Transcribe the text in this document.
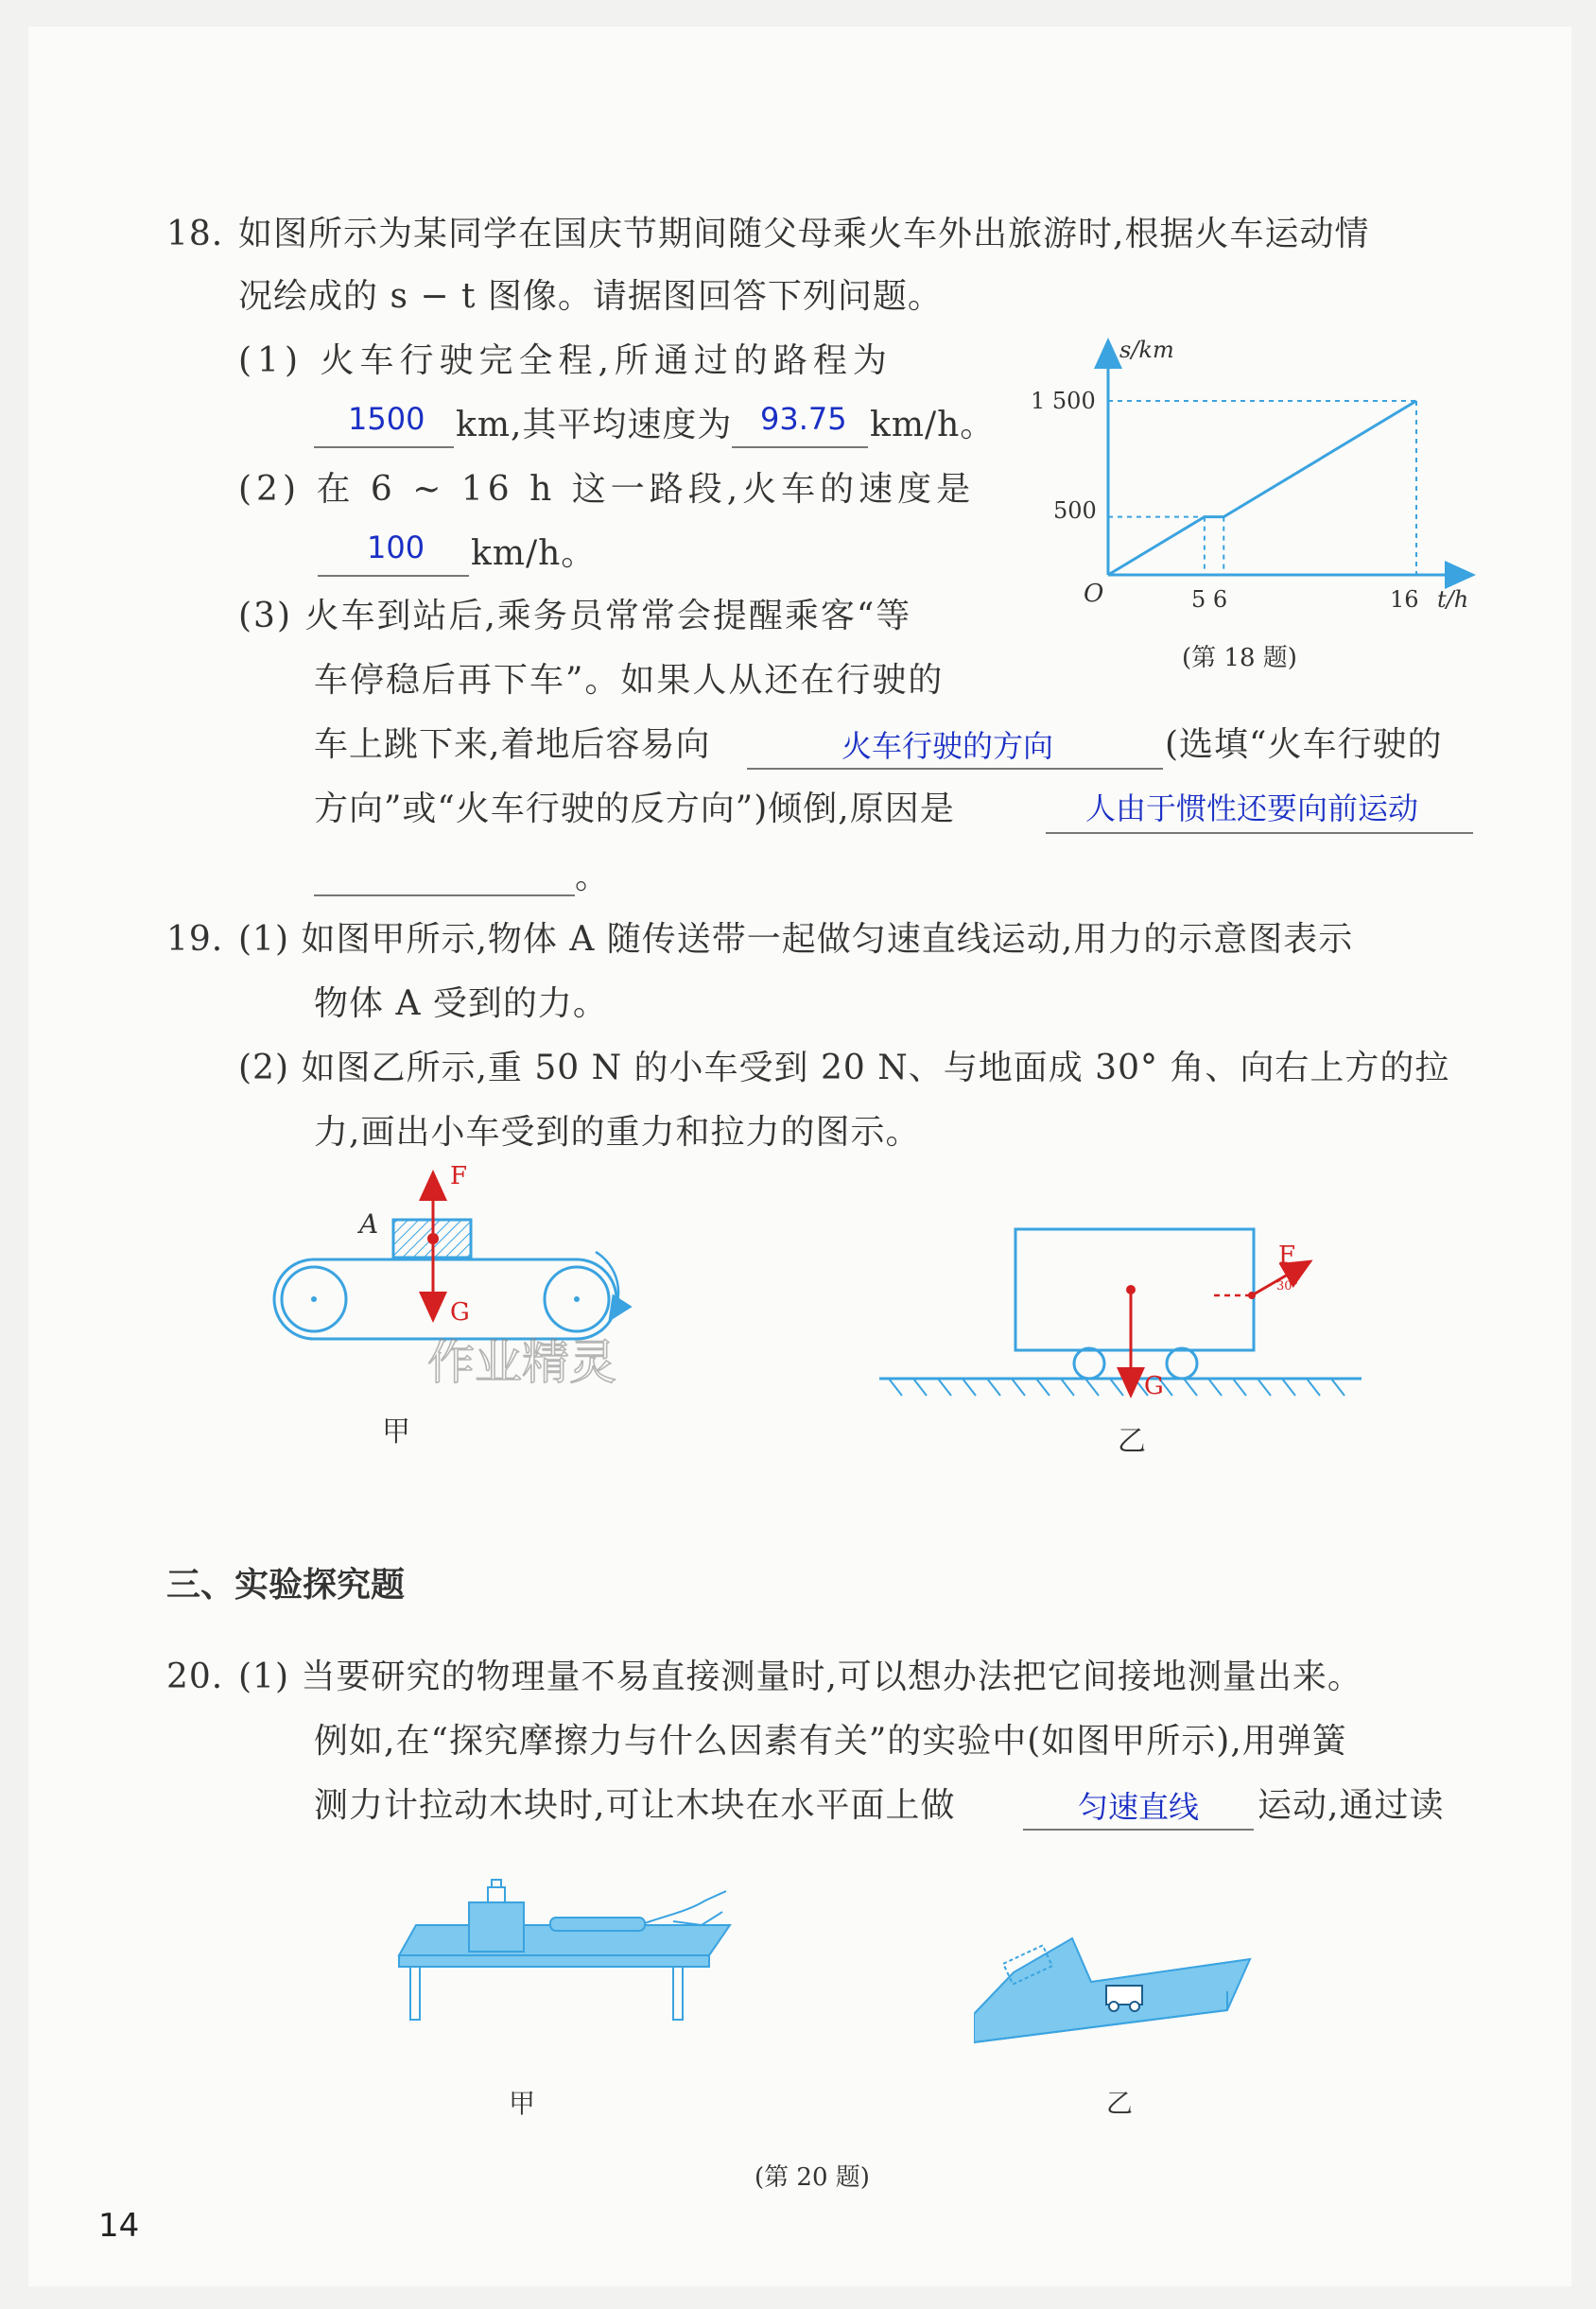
18. 如图所示为某同学在国庆节期间随父母乘火车外出旅游时,根据火车运动情
况绘成的 s − t 图像。请据图回答下列问题。
(1) 火车行驶完全程,所通过的路程为
1500 km,其平均速度为 93.75 km/h。
(2) 在 6 ~ 16 h 这一路段,火车的速度是
100 km/h。
(3) 火车到站后,乘务员常常会提醒乘客“等
车停稳后再下车”。如果人从还在行驶的
车上跳下来,着地后容易向	火车行驶的方向	(选填“火车行驶的
方向”或“火车行驶的反方向”)倾倒,原因是	人由于惯性还要向前运动
。
s/km
t/h
O
1 500
500
5 6	16
(第 18 题)
19. (1) 如图甲所示,物体 A 随传送带一起做匀速直线运动,用力的示意图表示
物体 A 受到的力。
(2) 如图乙所示,重 50 N 的小车受到 20 N、与地面成 30° 角、向右上方的拉
力,画出小车受到的重力和拉力的图示。
F
G
A
作业精灵
甲
G
F
30°
乙
三、实验探究题
20. (1) 当要研究的物理量不易直接测量时,可以想办法把它间接地测量出来。
例如,在“探究摩擦力与什么因素有关”的实验中(如图甲所示),用弹簧
测力计拉动木块时,可让木块在水平面上做	匀速直线 运动,通过读
甲	乙
(第 20 题)
14
